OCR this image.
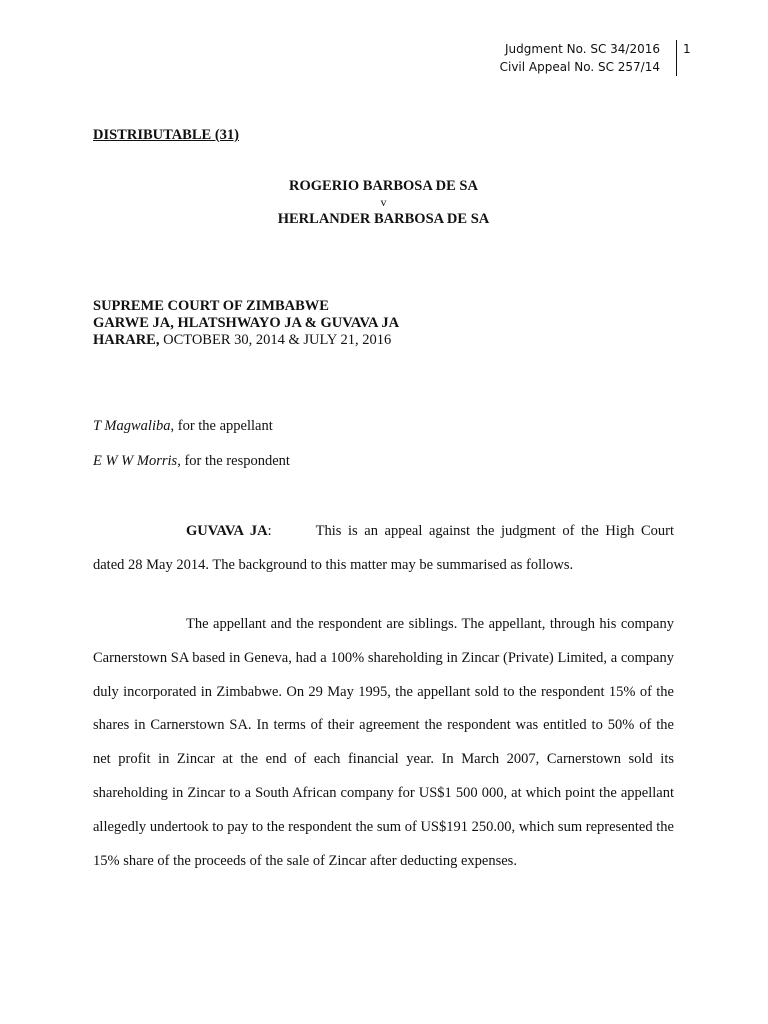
Judgment No. SC 34/2016
Civil Appeal No. SC 257/14
1
DISTRIBUTABLE (31)
ROGERIO BARBOSA DE SA
v
HERLANDER BARBOSA DE SA
SUPREME COURT OF ZIMBABWE
GARWE JA, HLATSHWAYO JA & GUVAVA JA
HARARE, OCTOBER 30, 2014 & JULY 21, 2016
T Magwaliba, for the appellant
E W W Morris, for the respondent
GUVAVA JA:	This is an appeal against the judgment of the High Court dated 28 May 2014. The background to this matter may be summarised as follows.
The appellant and the respondent are siblings. The appellant, through his company Carnerstown SA based in Geneva, had a 100% shareholding in Zincar (Private) Limited, a company duly incorporated in Zimbabwe. On 29 May 1995, the appellant sold to the respondent 15% of the shares in Carnerstown SA. In terms of their agreement the respondent was entitled to 50% of the net profit in Zincar at the end of each financial year. In March 2007, Carnerstown sold its shareholding in Zincar to a South African company for US$1 500 000, at which point the appellant allegedly undertook to pay to the respondent the sum of US$191 250.00, which sum represented the 15% share of the proceeds of the sale of Zincar after deducting expenses.
